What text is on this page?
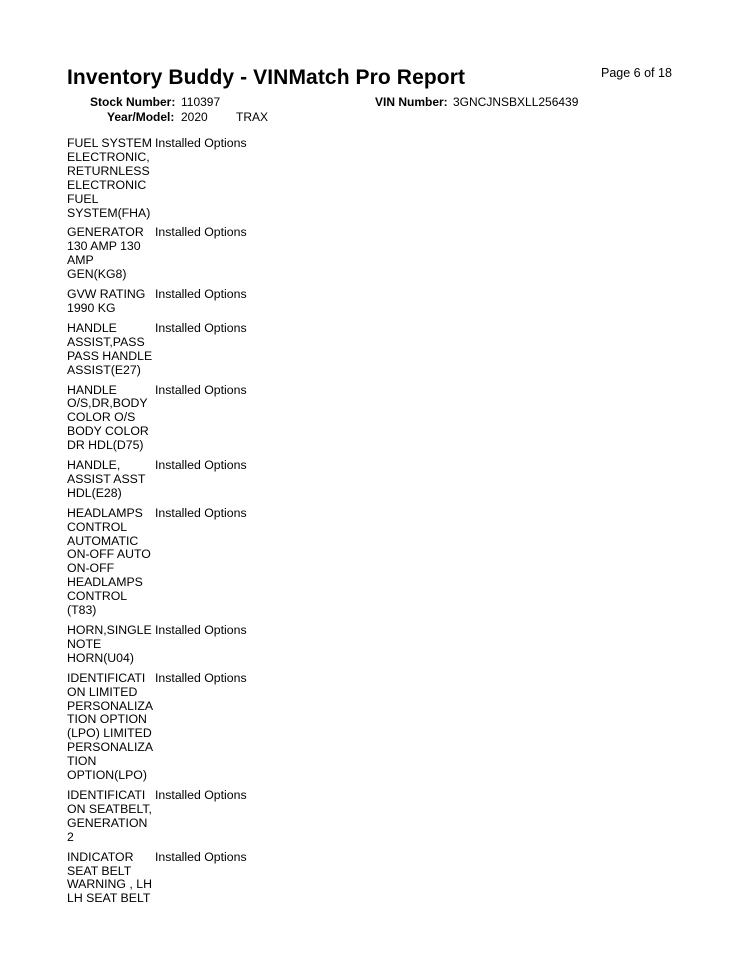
Inventory Buddy - VINMatch Pro Report	Page 6 of 18
Stock Number: 110397	VIN Number: 3GNCJNSBXLL256439
Year/Model: 2020 TRAX
FUEL SYSTEM
ELECTRONIC,
RETURNLESS
ELECTRONIC
FUEL
SYSTEM(FHA)
Installed Options
GENERATOR
130 AMP 130
AMP
GEN(KG8)
Installed Options
GVW RATING
1990 KG
Installed Options
HANDLE
ASSIST,PASS
PASS HANDLE
ASSIST(E27)
Installed Options
HANDLE
O/S,DR,BODY
COLOR O/S
BODY COLOR
DR HDL(D75)
Installed Options
HANDLE,
ASSIST ASST
HDL(E28)
Installed Options
HEADLAMPS
CONTROL
AUTOMATIC
ON-OFF AUTO
ON-OFF
HEADLAMPS
CONTROL
(T83)
Installed Options
HORN,SINGLE
NOTE
HORN(U04)
Installed Options
IDENTIFICATI
ON LIMITED
PERSONALIZA
TION OPTION
(LPO) LIMITED
PERSONALIZA
TION
OPTION(LPO)
Installed Options
IDENTIFICATI
ON SEATBELT,
GENERATION
2
Installed Options
INDICATOR
SEAT BELT
WARNING , LH
LH SEAT BELT
Installed Options
